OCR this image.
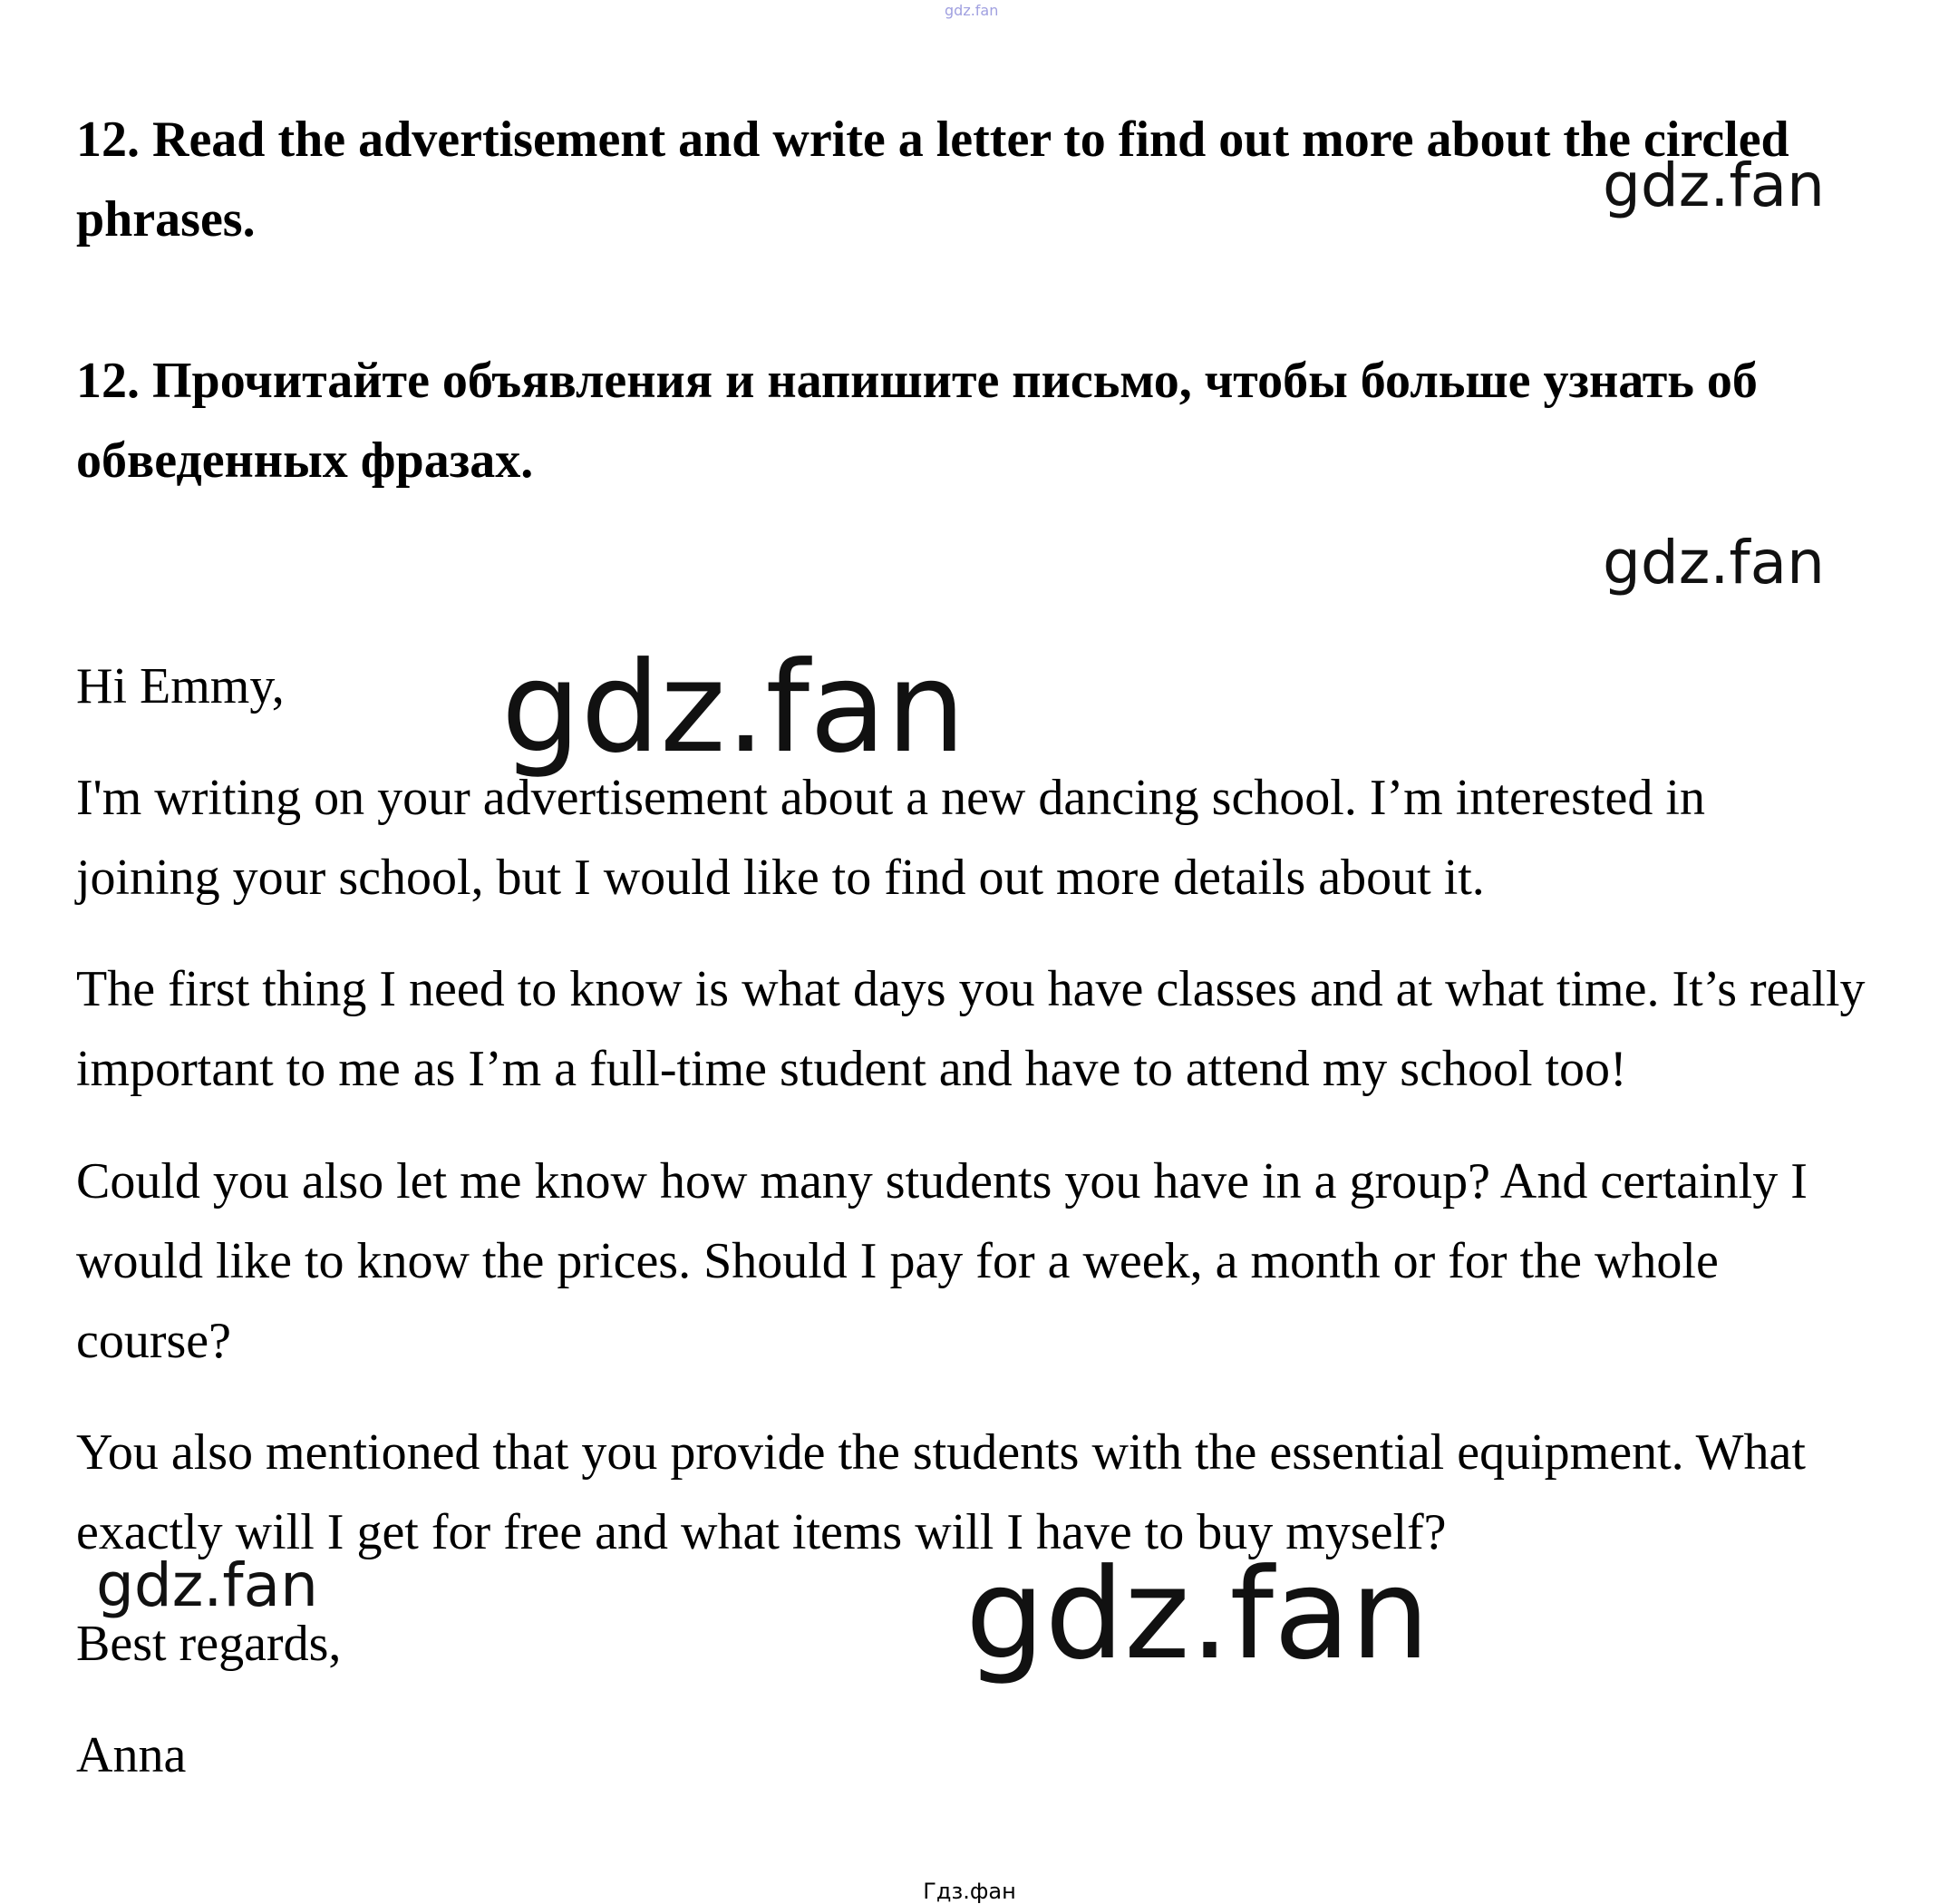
gdz.fan

12. Read the advertisement and write a letter to find out more about the circled phrases.

12. Прочитайте объявления и напишите письмо, чтобы больше узнать об обведенных фразах.

Hi Emmy,

I'm writing on your advertisement about a new dancing school. I’m interested in joining your school, but I would like to find out more details about it.

The first thing I need to know is what days you have classes and at what time. It’s really important to me as I’m a full-time student and have to attend my school too!

Could you also let me know how many students you have in a group? And certainly I would like to know the prices. Should I pay for a week, a month or for the whole course?

You also mentioned that you provide the students with the essential equipment. What exactly will I get for free and what items will I have to buy myself?

Best regards,

Anna

gdz.fan
gdz.fan
gdz.fan
gdz.fan	gdz.fan
Гдз.фан
